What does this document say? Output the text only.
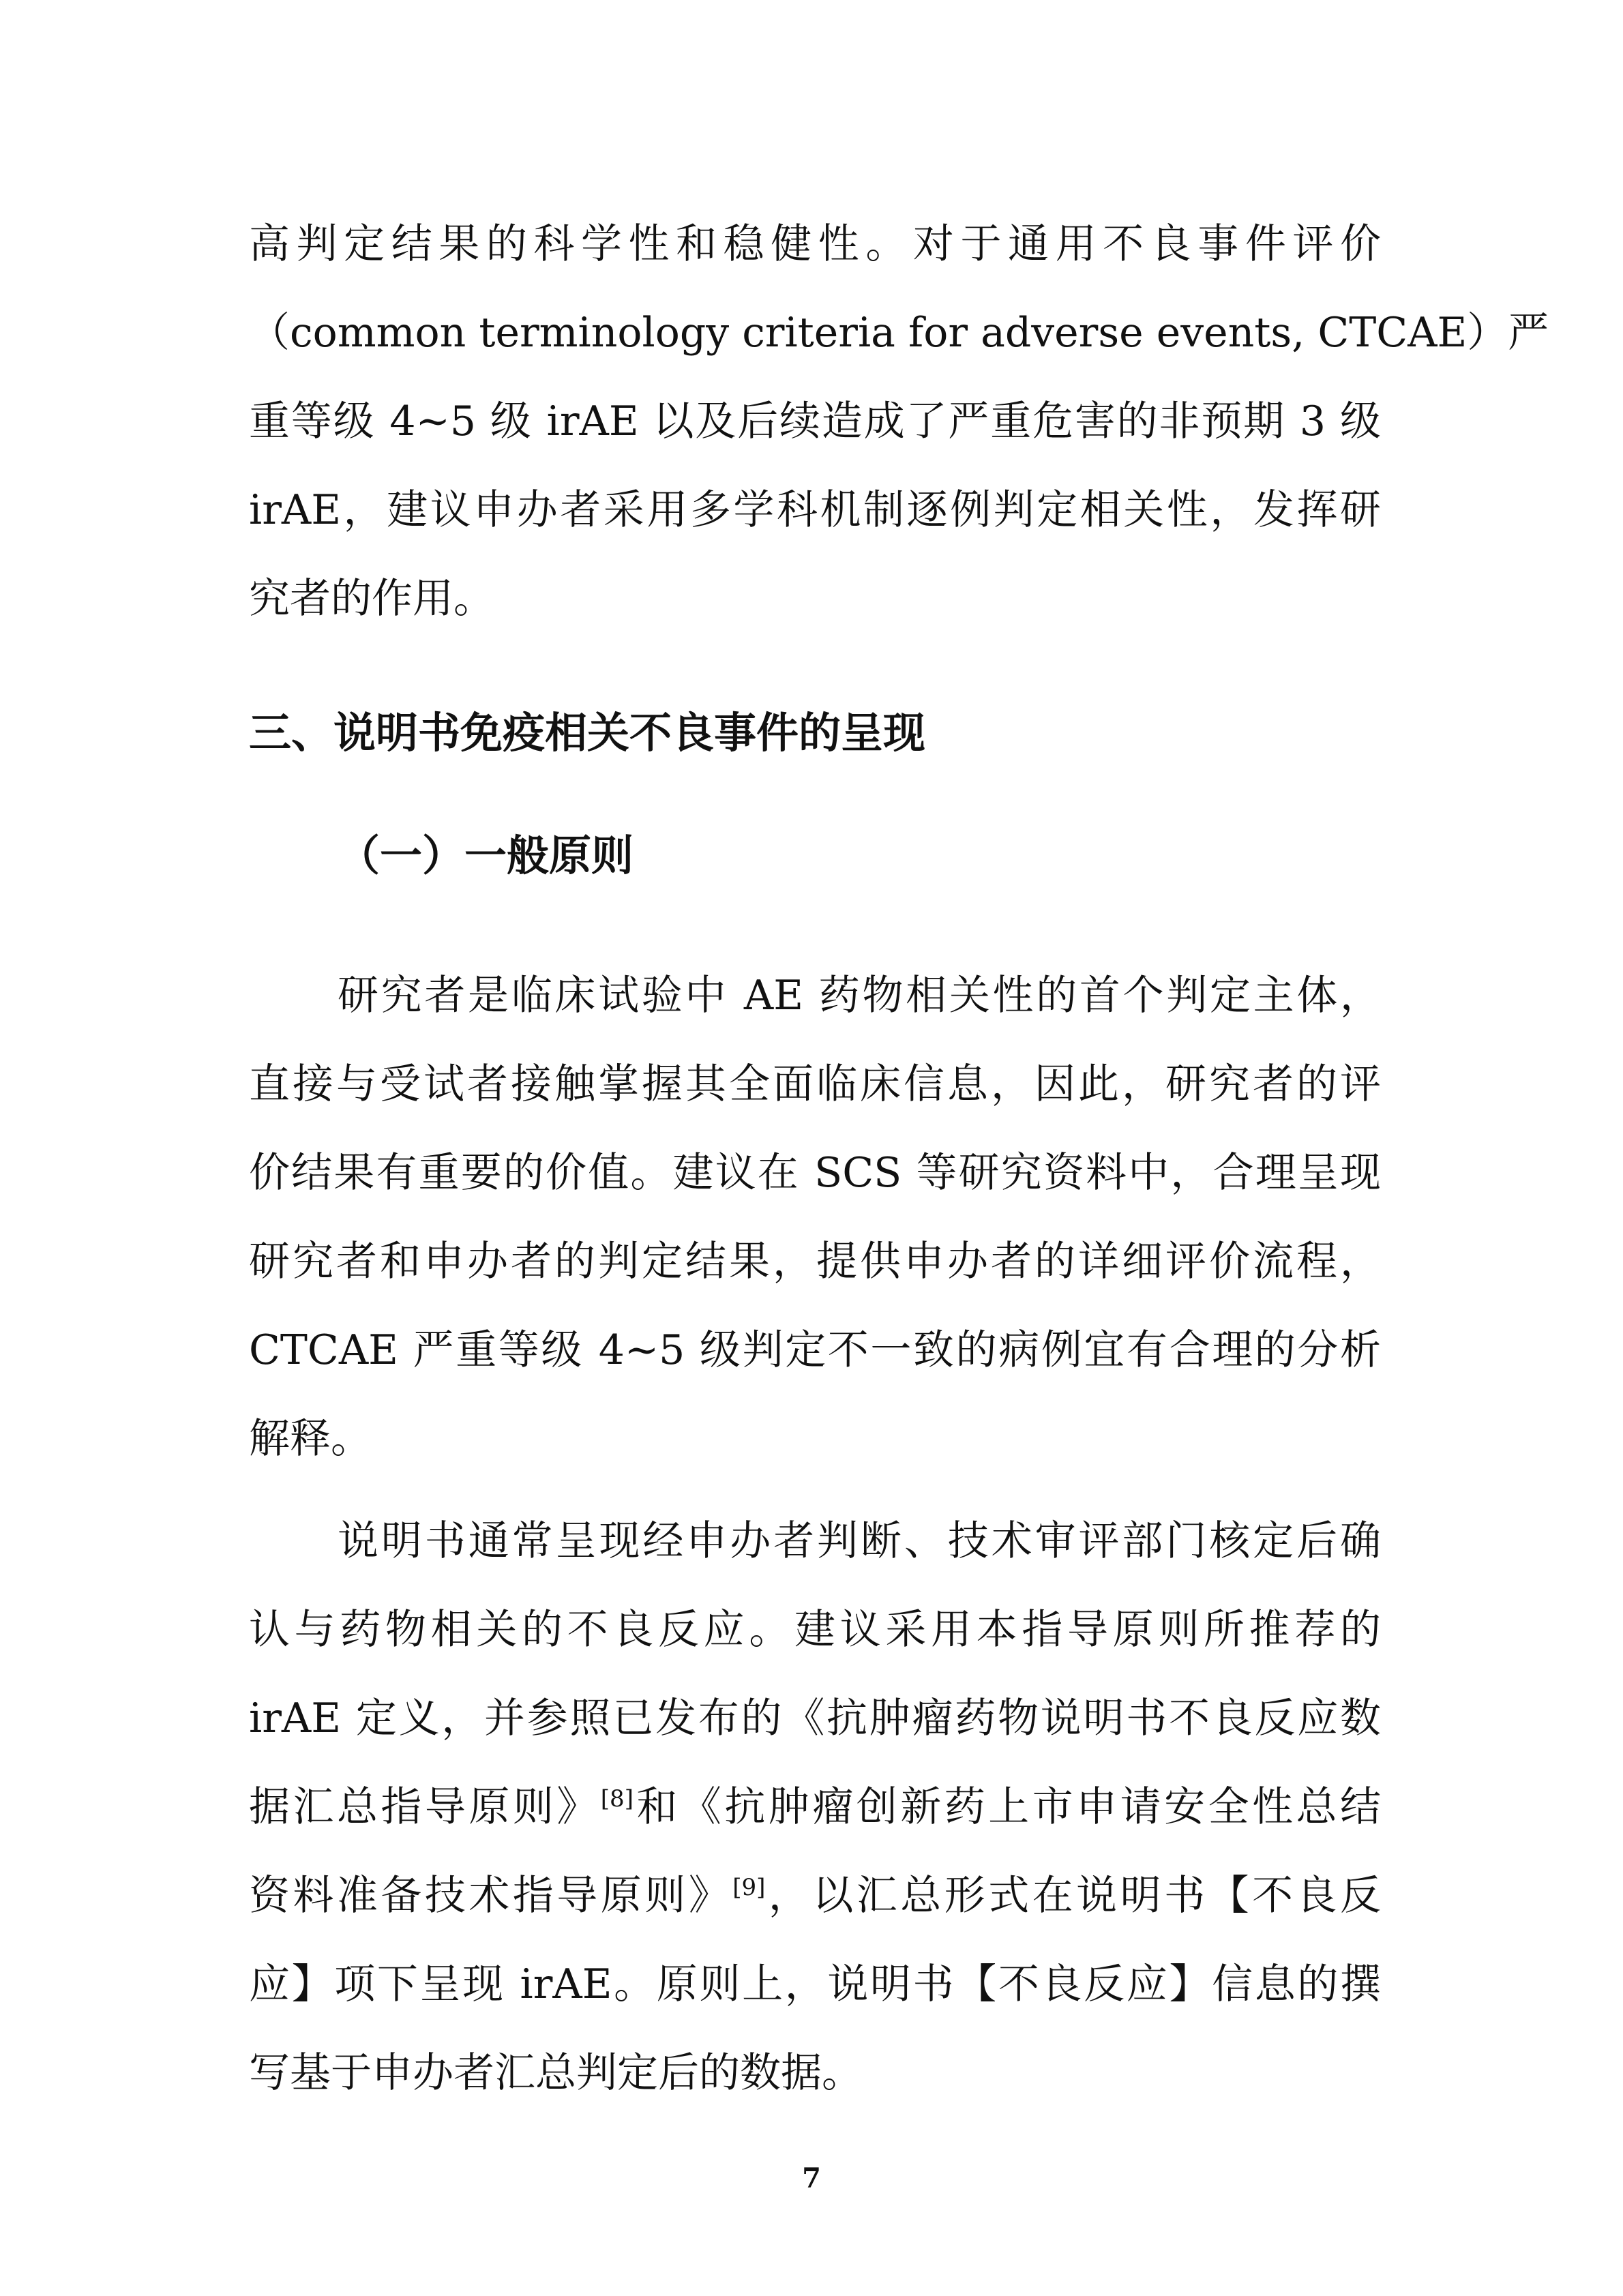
高判定结果的科学性和稳健性。对于通用不良事件评价
（common terminology criteria for adverse events, CTCAE）严
重等级 4~5 级 irAE 以及后续造成了严重危害的非预期 3 级
irAE，建议申办者采用多学科机制逐例判定相关性，发挥研
究者的作用。
三、说明书免疫相关不良事件的呈现
（一）一般原则
研究者是临床试验中 AE 药物相关性的首个判定主体，
直接与受试者接触掌握其全面临床信息，因此，研究者的评
价结果有重要的价值。建议在 SCS 等研究资料中，合理呈现
研究者和申办者的判定结果，提供申办者的详细评价流程，
CTCAE 严重等级 4~5 级判定不一致的病例宜有合理的分析
解释。
说明书通常呈现经申办者判断、技术审评部门核定后确
认与药物相关的不良反应。建议采用本指导原则所推荐的
irAE 定义，并参照已发布的《抗肿瘤药物说明书不良反应数
据汇总指导原则》[8]和《抗肿瘤创新药上市申请安全性总结
资料准备技术指导原则》[9]，以汇总形式在说明书【不良反
应】项下呈现 irAE。原则上，说明书【不良反应】信息的撰
写基于申办者汇总判定后的数据。
7
